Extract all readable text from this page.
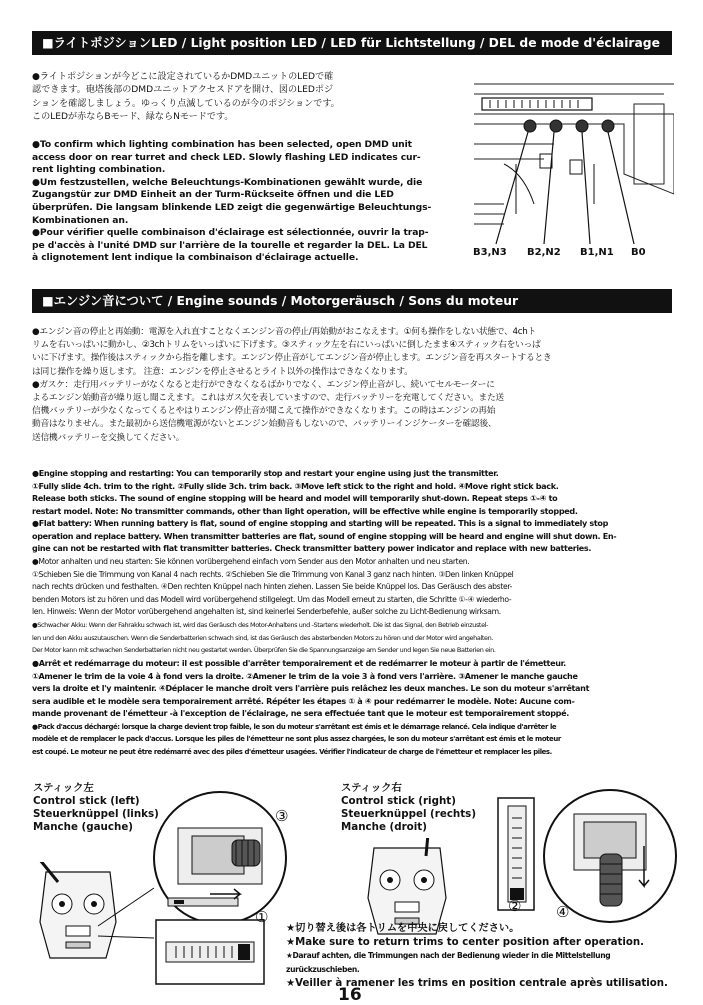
■ライトポジションLED / Light position LED / LED für Lichtstellung / DEL de mode d'éclairage

●ライトポジションが今どこに設定されているかDMDユニットのLEDで確

認できます。砲塔後部のDMDユニットアクセスドアを開け、図のLEDポジ

ションを確認しましょう。ゆっくり点滅しているのが今のポジションです。

このLEDが赤ならBモード、緑ならNモードです。

●To confirm which lighting combination has been selected, open DMD unit

access door on rear turret and check LED. Slowly flashing LED indicates cur-

rent lighting combination.

●Um festzustellen, welche Beleuchtungs-Kombinationen gewählt wurde, die

Zugangstür zur DMD Einheit an der Turm-Rückseite öffnen und die LED

überprüfen. Die langsam blinkende LED zeigt die gegenwärtige Beleuchtungs-

Kombinationen an.

●Pour vérifier quelle combinaison d'éclairage est sélectionnée, ouvrir la trap-

pe d'accès à l'unité DMD sur l'arrière de la tourelle et regarder la DEL. La DEL

à clignotement lent indique la combinaison d'éclairage actuelle.	B3,N3 B2,N2 B1,N1 B0
■エンジン音について / Engine sounds / Motorgeräusch / Sons du moteur

●エンジン音の停止と再始動：電源を入れ直すことなくエンジン音の停止/再始動がおこなえます。①何も操作をしない状態で、4chト

リムを右いっぱいに動かし、②3chトリムをいっぱいに下げます。③スティック左を右にいっぱいに倒したまま④スティック右をいっぱ

いに下げます。操作後はスティックから指を離します。エンジン停止音がしてエンジン音が停止します。エンジン音を再スタートするとき

は同じ操作を繰り返します。 注意：エンジンを停止させるとライト以外の操作はできなくなります。

●ガスケ：走行用バッテリーがなくなると走行ができなくなるばかりでなく、エンジン停止音がし、続いてセルモーターに

よるエンジン始動音が繰り返し聞こえます。これはガス欠を表していますので、走行バッテリーを充電してください。また送

信機バッテリーが少なくなってくるとやはりエンジン停止音が聞こえて操作ができなくなります。この時はエンジンの再始

動音はなりません。また最初から送信機電源がないとエンジン始動音もしないので、バッテリーインジケーターを確認後、

送信機バッテリーを交換してください。

●Engine stopping and restarting: You can temporarily stop and restart your engine using just the transmitter.

①Fully slide 4ch. trim to the right. ②Fully slide 3ch. trim back. ③Move left stick to the right and hold. ④Move right stick back.

Release both sticks. The sound of engine stopping will be heard and model will temporarily shut-down. Repeat steps ①-④ to

restart model. Note: No transmitter commands, other than light operation, will be effective while engine is temporarily stopped.

●Flat battery: When running battery is flat, sound of engine stopping and starting will be repeated. This is a signal to immediately stop

operation and replace battery. When transmitter batteries are flat, sound of engine stopping will be heard and engine will shut down. En-

gine can not be restarted with flat transmitter batteries. Check transmitter battery power indicator and replace with new batteries.

●Motor anhalten und neu starten: Sie können vorübergehend einfach vom Sender aus den Motor anhalten und neu starten.

①Schieben Sie die Trimmung von Kanal 4 nach rechts. ②Schieben Sie die Trimmung von Kanal 3 ganz nach hinten. ③Den linken Knüppel

nach rechts drücken und festhalten. ④Den rechten Knüppel nach hinten ziehen. Lassen Sie beide Knüppel los. Das Geräusch des abster-

benden Motors ist zu hören und das Modell wird vorübergehend stillgelegt. Um das Modell erneut zu starten, die Schritte ①-④ wiederho-

len. Hinweis: Wenn der Motor vorübergehend angehalten ist, sind keinerlei Senderbefehle, außer solche zu Licht-Bedienung wirksam.

●Schwacher Akku: Wenn der Fahrakku schwach ist, wird das Geräusch des Motor-Anhaltens und -Startens wiederholt. Die ist das Signal, den Betrieb einzustel-

len und den Akku auszutauschen. Wenn die Senderbatterien schwach sind, ist das Geräusch des absterbenden Motors zu hören und der Motor wird angehalten.

Der Motor kann mit schwachen Senderbatterien nicht neu gestartet werden. Überprüfen Sie die Spannungsanzeige am Sender und legen Sie neue Batterien ein.

●Arrêt et redémarrage du moteur: il est possible d'arrêter temporairement et de redémarrer le moteur à partir de l'émetteur.

①Amener le trim de la voie 4 à fond vers la droite. ②Amener le trim de la voie 3 à fond vers l'arrière. ③Amener le manche gauche

vers la droite et l'y maintenir. ④Déplacer le manche droit vers l'arrière puis relâchez les deux manches. Le son du moteur s'arrêtant

sera audible et le modèle sera temporairement arrêté. Répéter les étapes ① à ④ pour redémarrer le modèle. Note: Aucune com-

mande provenant de l'émetteur -à l'exception de l'éclairage, ne sera effectuée tant que le moteur est temporairement stoppé.

●Pack d'accus déchargé: lorsque la charge devient trop faible, le son du moteur s'arrêtant est émis et le démarrage relancé. Cela indique d'arrêter le

modèle et de remplacer le pack d'accus. Lorsque les piles de l'émetteur ne sont plus assez chargées, le son du moteur s'arrêtant est émis et le moteur

est coupé. Le moteur ne peut être redémarré avec des piles d'émetteur usagées. Vérifier l'indicateur de charge de l'émetteur et remplacer les piles.

スティック左
Control stick (left)
Steuerknüppel (links)
Manche (gauche)
スティック右
Control stick (right)
Steuerknüppel (rechts)
Manche (droit)
③
①
② ④
★切り替え後は各トリムを中央に戻してください。
★Make sure to return trims to center position after operation.
★Darauf achten, die Trimmungen nach der Bedienung wieder in die Mittelstellung zurückzuschieben.
★Veiller à ramener les trims en position centrale après utilisation.
16
